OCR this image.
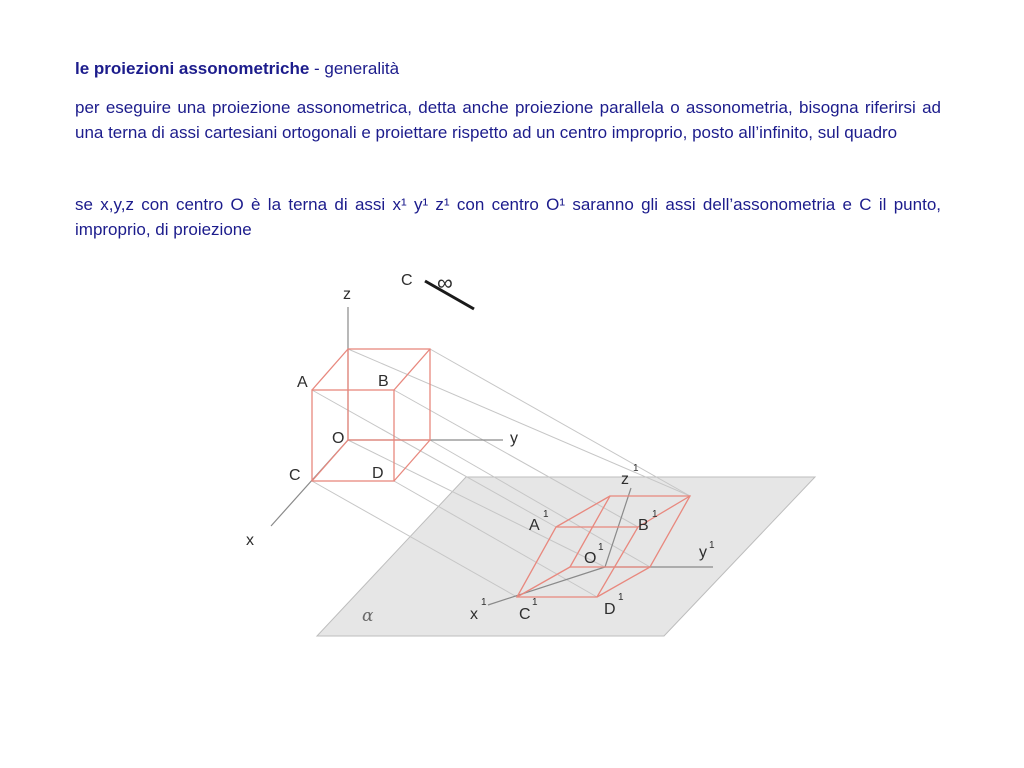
le proiezioni assonometriche - generalità

per eseguire una proiezione assonometrica, detta anche proiezione parallela o assonometria, bisogna riferirsi ad una terna di assi cartesiani ortogonali e proiettare rispetto ad un centro improprio, posto all’infinito, sul quadro

se x,y,z con centro O è la terna di assi x¹ y¹ z¹ con centro O¹ saranno gli assi dell’assonometria e C il punto, improprio, di proiezione

C ∞
z
y
x
A	B
O
C	D	z
1
A
1
B
1
O
1	y 1
x
1
C
1	D
1
α
